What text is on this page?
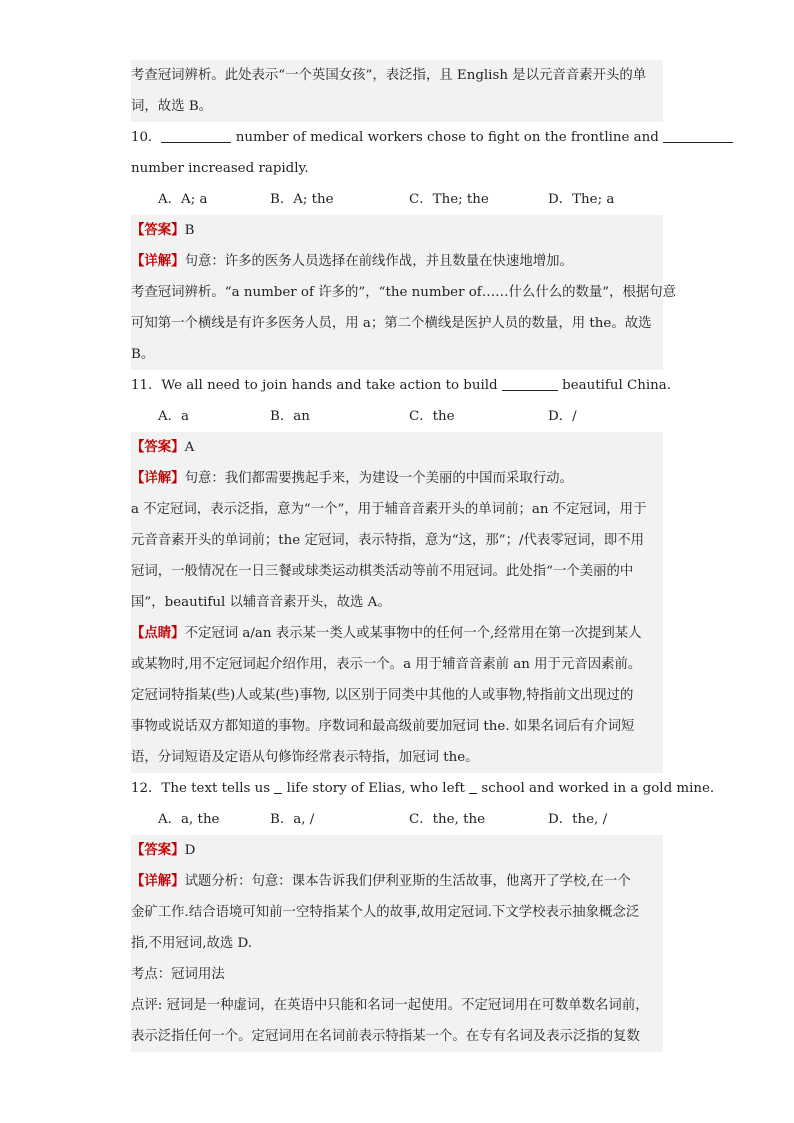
考查冠词辨析。此处表示“一个英国女孩”，表泛指，且 English 是以元音音素开头的单
词，故选 B。
10．	number of medical workers chose to fight on the frontline and
number increased rapidly.
A．A; a	B．A; the	C．The; the	D．The; a
【答案】B
【详解】句意：许多的医务人员选择在前线作战，并且数量在快速地增加。
考查冠词辨析。“a number of 许多的”，“the number of……什么什么的数量”，根据句意
可知第一个横线是有许多医务人员，用 a；第二个横线是医护人员的数量，用 the。故选
B。
11．We all need to join hands and take action to build	beautiful China.
A．a	B．an	C．the	D．/
【答案】A
【详解】句意：我们都需要携起手来，为建设一个美丽的中国而采取行动。
a 不定冠词，表示泛指，意为“一个”，用于辅音音素开头的单词前；an 不定冠词，用于
元音音素开头的单词前；the 定冠词，表示特指，意为“这，那”；/代表零冠词，即不用
冠词，一般情况在一日三餐或球类运动棋类活动等前不用冠词。此处指“一个美丽的中
国”，beautiful 以辅音音素开头，故选 A。
【点睛】不定冠词 a/an 表示某一类人或某事物中的任何一个,经常用在第一次提到某人
或某物时,用不定冠词起介绍作用，表示一个。a 用于辅音音素前 an 用于元音因素前。
定冠词特指某(些)人或某(些)事物, 以区别于同类中其他的人或事物,特指前文出现过的
事物或说话双方都知道的事物。序数词和最高级前要加冠词 the. 如果名词后有介词短
语，分词短语及定语从句修饰经常表示特指，加冠词 the。
12．The text tells us  life story of Elias, who left  school and worked in a gold mine.
A．a, the	B．a, /	C．the, the	D．the, /
【答案】D
【详解】试题分析：句意：课本告诉我们伊利亚斯的生活故事，他离开了学校,在一个
金矿工作.结合语境可知前一空特指某个人的故事,故用定冠词.下文学校表示抽象概念泛
指,不用冠词,故选 D.
考点：冠词用法
点评: 冠词是一种虚词，在英语中只能和名词一起使用。不定冠词用在可数单数名词前，
表示泛指任何一个。定冠词用在名词前表示特指某一个。在专有名词及表示泛指的复数
